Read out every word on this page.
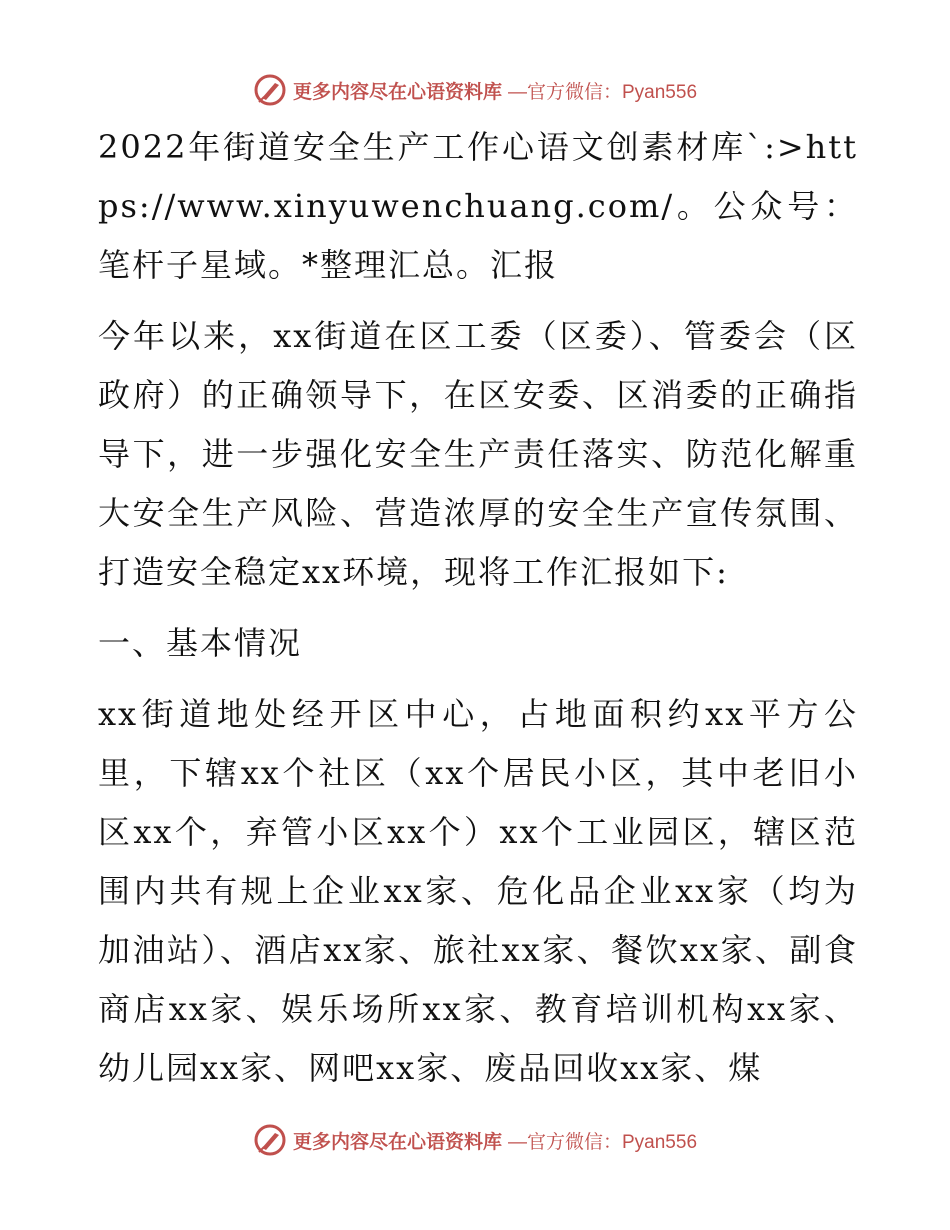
更多内容尽在心语资料库 —官方微信：Pyan556

2022年街道安全生产工作心语文创素材库`:>https://www.xinyuwenchuang.com/。公众号：笔杆子星域。*整理汇总。汇报

今年以来，xx街道在区工委（区委）、管委会（区政府）的正确领导下，在区安委、区消委的正确指导下，进一步强化安全生产责任落实、防范化解重大安全生产风险、营造浓厚的安全生产宣传氛围、打造安全稳定xx环境，现将工作汇报如下:

一、基本情况

xx街道地处经开区中心，占地面积约xx平方公里，下辖xx个社区（xx个居民小区，其中老旧小区xx个，弃管小区xx个）xx个工业园区，辖区范围内共有规上企业xx家、危化品企业xx家（均为加油站）、酒店xx家、旅社xx家、餐饮xx家、副食商店xx家、娱乐场所xx家、教育培训机构xx家、幼儿园xx家、网吧xx家、废品回收xx家、煤

更多内容尽在心语资料库 —官方微信：Pyan556
